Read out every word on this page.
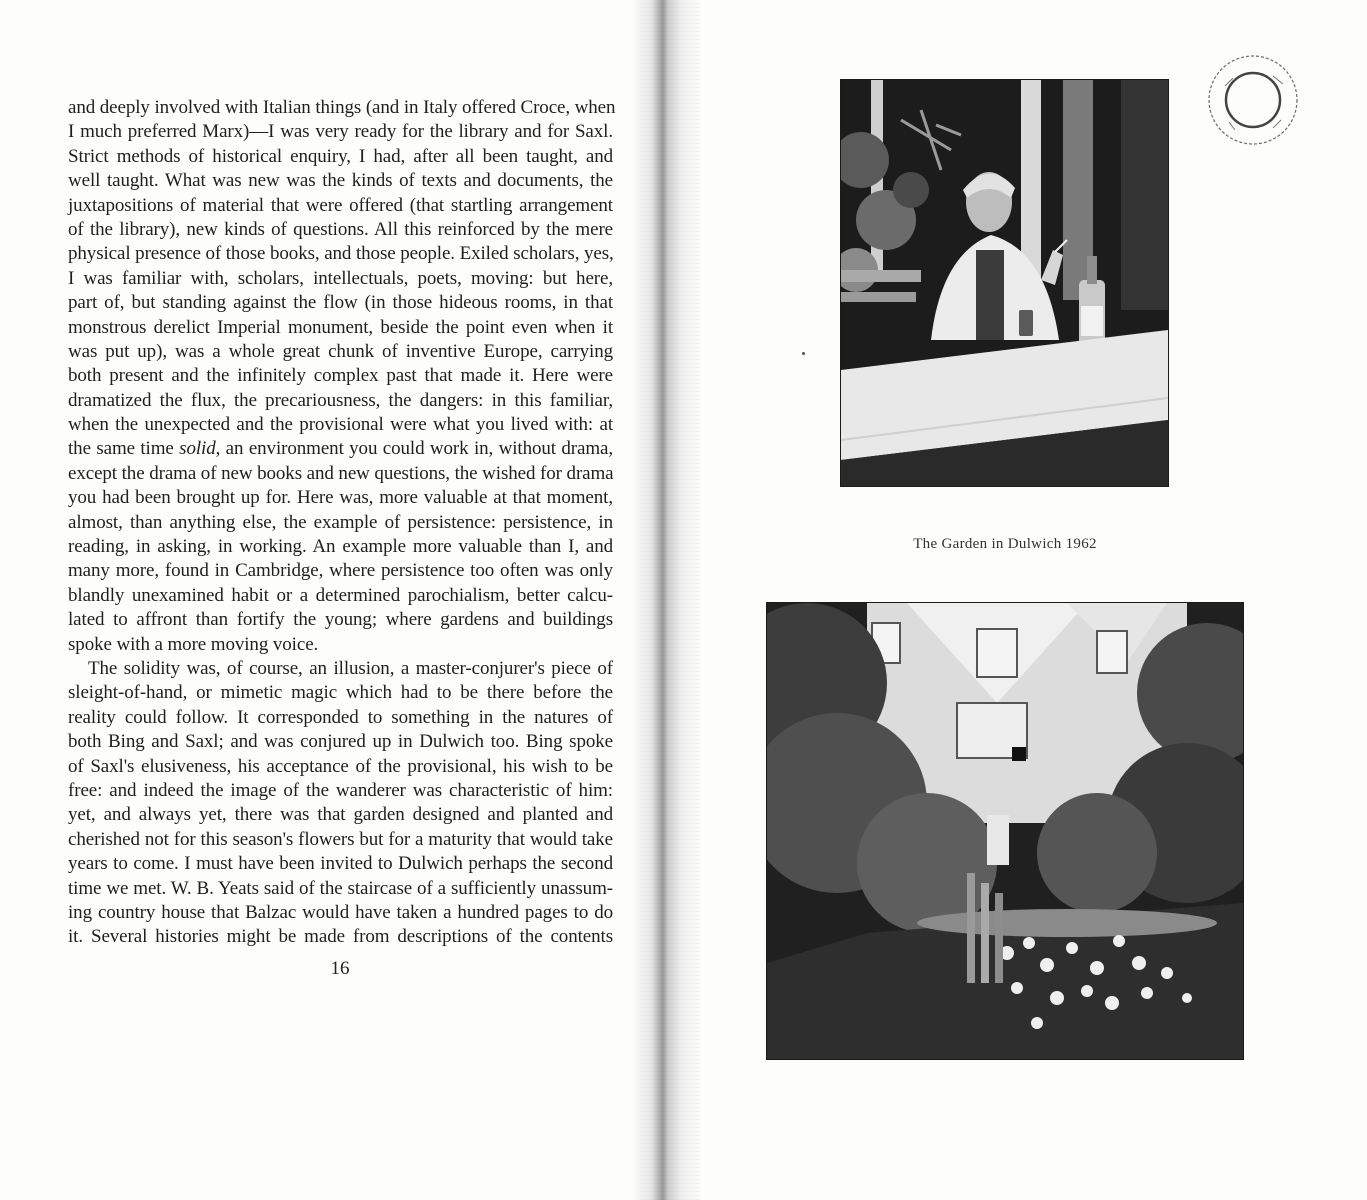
and deeply involved with Italian things (and in Italy offered Croce, when
I much preferred Marx)—I was very ready for the library and for Saxl.
Strict methods of historical enquiry, I had, after all been taught, and
well taught. What was new was the kinds of texts and documents, the
juxtapositions of material that were offered (that startling arrangement
of the library), new kinds of questions. All this reinforced by the mere
physical presence of those books, and those people. Exiled scholars, yes,
I was familiar with, scholars, intellectuals, poets, moving: but here,
part of, but standing against the flow (in those hideous rooms, in that
monstrous derelict Imperial monument, beside the point even when it
was put up), was a whole great chunk of inventive Europe, carrying
both present and the infinitely complex past that made it. Here were
dramatized the flux, the precariousness, the dangers: in this familiar,
when the unexpected and the provisional were what you lived with: at
the same time solid, an environment you could work in, without drama,
except the drama of new books and new questions, the wished for drama
you had been brought up for. Here was, more valuable at that moment,
almost, than anything else, the example of persistence: persistence, in
reading, in asking, in working. An example more valuable than I, and
many more, found in Cambridge, where persistence too often was only
blandly unexamined habit or a determined parochialism, better calcu-
lated to affront than fortify the young; where gardens and buildings
spoke with a more moving voice.
The solidity was, of course, an illusion, a master-conjurer's piece of
sleight-of-hand, or mimetic magic which had to be there before the
reality could follow. It corresponded to something in the natures of
both Bing and Saxl; and was conjured up in Dulwich too. Bing spoke
of Saxl's elusiveness, his acceptance of the provisional, his wish to be
free: and indeed the image of the wanderer was characteristic of him:
yet, and always yet, there was that garden designed and planted and
cherished not for this season's flowers but for a maturity that would take
years to come. I must have been invited to Dulwich perhaps the second
time we met. W. B. Yeats said of the staircase of a sufficiently unassum-
ing country house that Balzac would have taken a hundred pages to do
it. Several histories might be made from descriptions of the contents
16
The Garden in Dulwich 1962
